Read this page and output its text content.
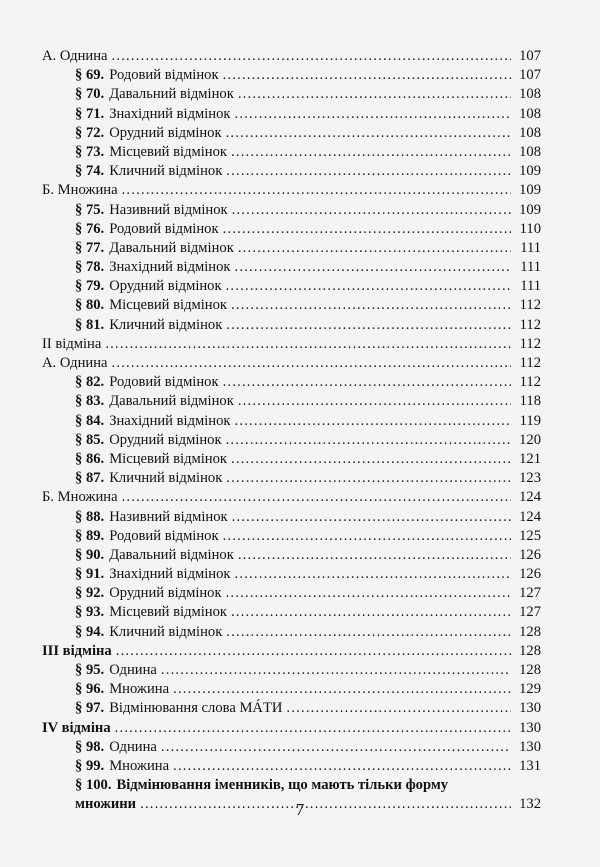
А. Однина .....	107
§ 69. Родовий відмінок .....	107
§ 70. Давальний відмінок .....	108
§ 71. Знахідний відмінок .....	108
§ 72. Орудний відмінок .....	108
§ 73. Місцевий відмінок .....	108
§ 74. Кличний відмінок .....	109
Б. Множина .....	109
§ 75. Називний відмінок .....	109
§ 76. Родовий відмінок .....	110
§ 77. Давальний відмінок .....	111
§ 78. Знахідний відмінок .....	111
§ 79. Орудний відмінок .....	111
§ 80. Місцевий відмінок .....	112
§ 81. Кличний відмінок .....	112
II відміна .....	112
А. Однина .....	112
§ 82. Родовий відмінок .....	112
§ 83. Давальний відмінок .....	118
§ 84. Знахідний відмінок .....	119
§ 85. Орудний відмінок .....	120
§ 86. Місцевий відмінок .....	121
§ 87. Кличний відмінок .....	123
Б. Множина .....	124
§ 88. Називний відмінок .....	124
§ 89. Родовий відмінок .....	125
§ 90. Давальний відмінок .....	126
§ 91. Знахідний відмінок .....	126
§ 92. Орудний відмінок .....	127
§ 93. Місцевий відмінок .....	127
§ 94. Кличний відмінок .....	128
III відміна .....	128
§ 95. Однина .....	128
§ 96. Множина .....	129
§ 97. Відмінювання слова МÁТИ .....	130
IV відміна .....	130
§ 98. Однина .....	130
§ 99. Множина .....	131
§ 100. Відмінювання іменників, що мають тільки форму
множини .....	132
7
